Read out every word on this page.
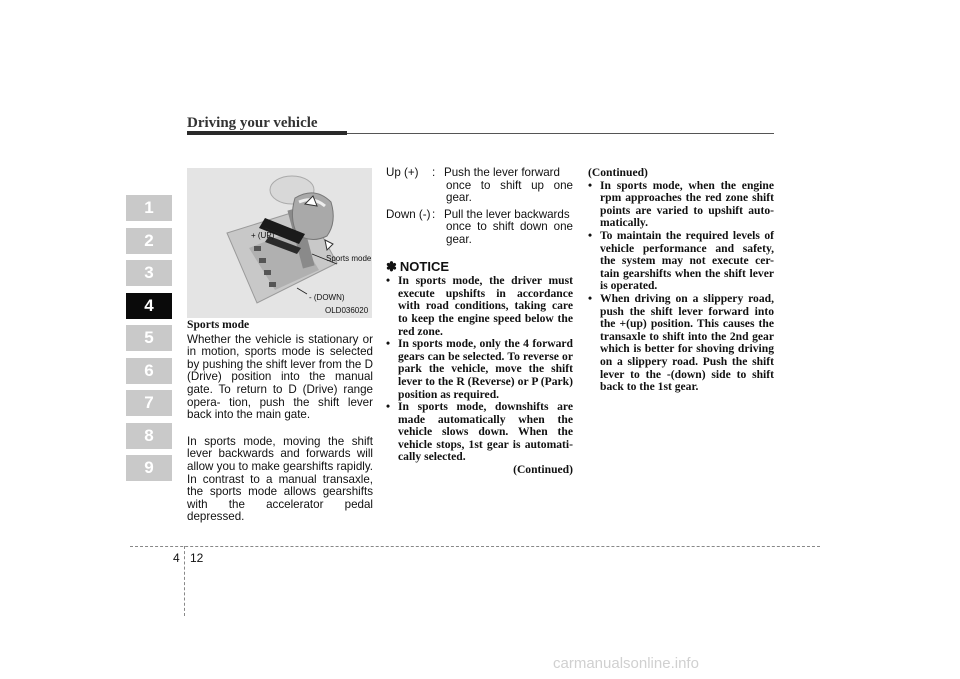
Driving your vehicle
1
2
3
4
5
6
7
8
9
+ (UP)
Sports mode
- (DOWN)
OLD036020

Sports mode

Whether the vehicle is stationary or in motion, sports mode is selected by pushing the shift lever from the D (Drive) position into the manual gate. To return to D (Drive) range opera- tion, push the shift lever back into the main gate.

In sports mode, moving the shift lever backwards and forwards will allow you to make gearshifts rapidly. In contrast to a manual transaxle, the sports mode allows gearshifts with the accelerator pedal depressed.

Up (+)	: Push the lever forward
once to shift up one gear.
Down (-) : Pull the lever backwards
once to shift down one gear.
✽ NOTICE
• In sports mode, the driver must execute upshifts in accordance with road conditions, taking care to keep the engine speed below the red zone.
• In sports mode, only the 4 forward gears can be selected. To reverse or park the vehicle, move the shift lever to the R (Reverse) or P (Park) position as required.
• In sports mode, downshifts are made automatically when the vehicle slows down. When the vehicle stops, 1st gear is automati- cally selected.

(Continued)

(Continued)

• In sports mode, when the engine rpm approaches the red zone shift points are varied to upshift auto- matically.
• To maintain the required levels of vehicle performance and safety, the system may not execute cer- tain gearshifts when the shift lever is operated.
• When driving on a slippery road, push the shift lever forward into the +(up) position. This causes the transaxle to shift into the 2nd gear which is better for shoving driving on a slippery road. Push the shift lever to the -(down) side to shift back to the 1st gear.
4 12
carmanualsonline.info
